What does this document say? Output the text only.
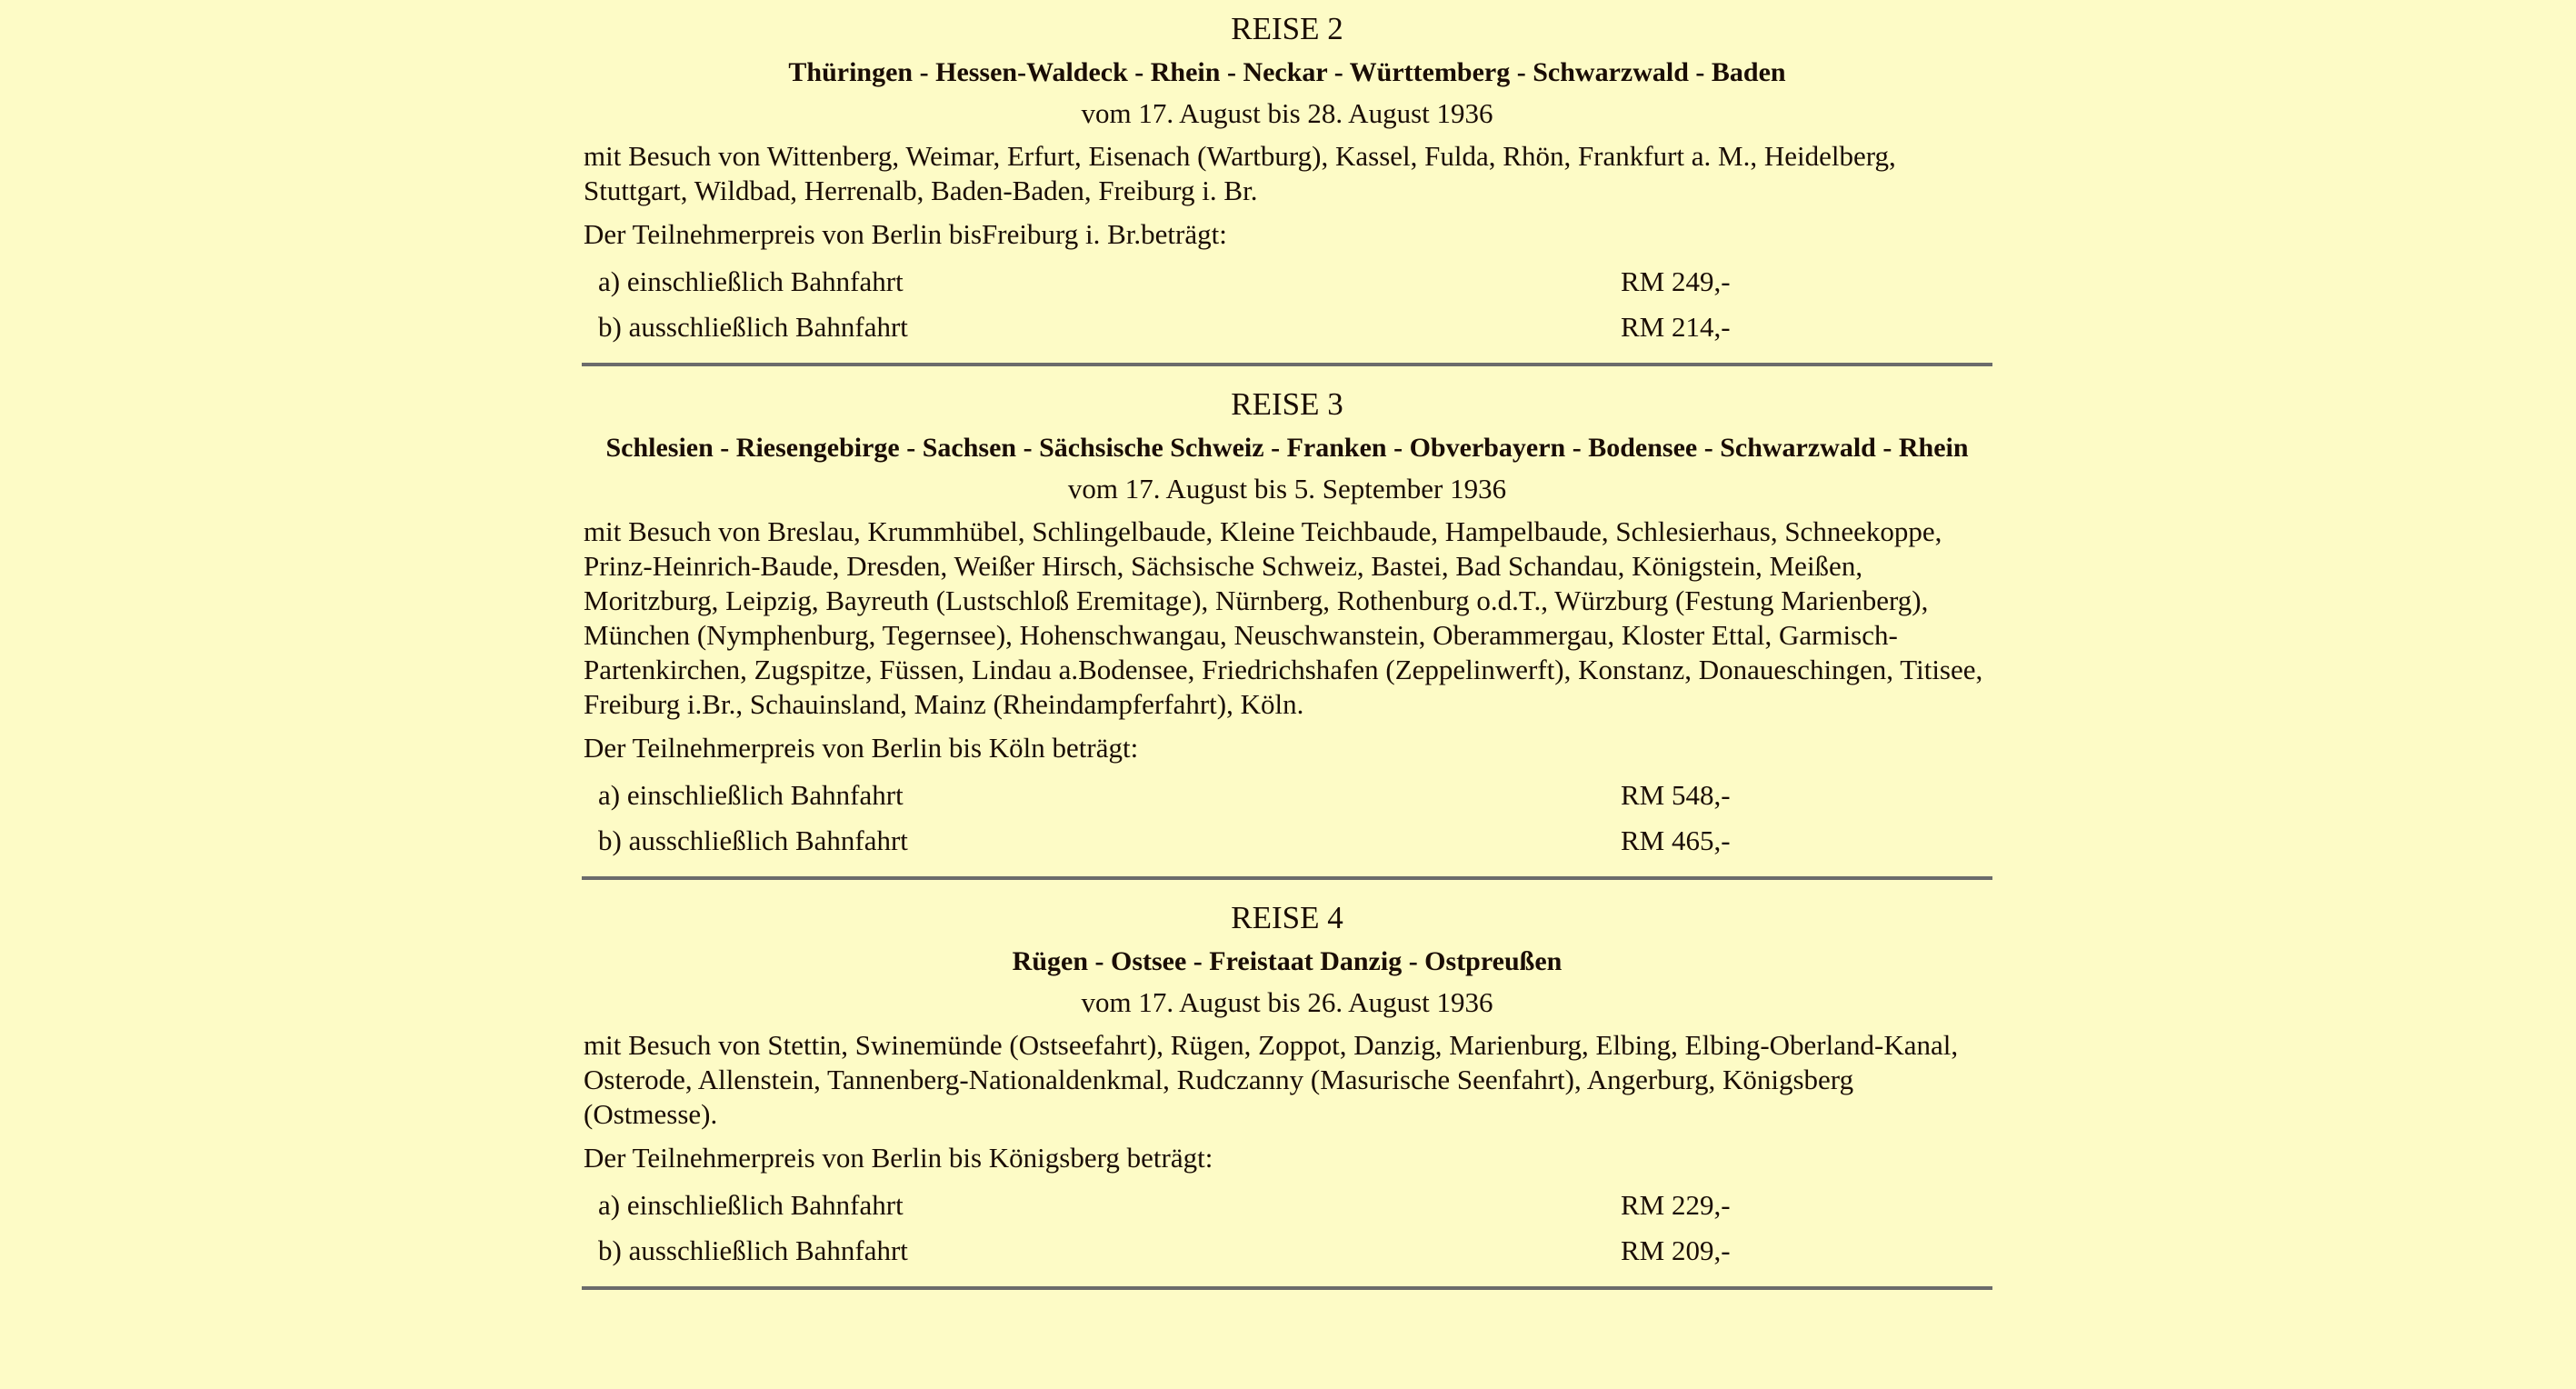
REISE 2
Thüringen - Hessen-Waldeck - Rhein - Neckar - Württemberg - Schwarzwald - Baden
vom 17. August bis 28. August 1936
mit Besuch von Wittenberg, Weimar, Erfurt, Eisenach (Wartburg), Kassel, Fulda, Rhön, Frankfurt a. M., Heidelberg, Stuttgart, Wildbad, Herrenalb, Baden-Baden, Freiburg i. Br.
Der Teilnehmerpreis von Berlin bisFreiburg i. Br.beträgt:
a) einschließlich Bahnfahrt	RM 249,-
b) ausschließlich Bahnfahrt	RM 214,-
REISE 3
Schlesien - Riesengebirge - Sachsen - Sächsische Schweiz - Franken - Obverbayern - Bodensee - Schwarzwald - Rhein
vom 17. August bis 5. September 1936
mit Besuch von Breslau, Krummhübel, Schlingelbaude, Kleine Teichbaude, Hampelbaude, Schlesierhaus, Schneekoppe, Prinz-Heinrich-Baude, Dresden, Weißer Hirsch, Sächsische Schweiz, Bastei, Bad Schandau, Königstein, Meißen, Moritzburg, Leipzig, Bayreuth (Lustschloß Eremitage), Nürnberg, Rothenburg o.d.T., Würzburg (Festung Marienberg), München (Nymphenburg, Tegernsee), Hohenschwangau, Neuschwanstein, Oberammergau, Kloster Ettal, Garmisch-Partenkirchen, Zugspitze, Füssen, Lindau a.Bodensee, Friedrichshafen (Zeppelinwerft), Konstanz, Donaueschingen, Titisee, Freiburg i.Br., Schauinsland, Mainz (Rheindampferfahrt), Köln.
Der Teilnehmerpreis von Berlin bis Köln beträgt:
a) einschließlich Bahnfahrt	RM 548,-
b) ausschließlich Bahnfahrt	RM 465,-
REISE 4
Rügen - Ostsee - Freistaat Danzig - Ostpreußen
vom 17. August bis 26. August 1936
mit Besuch von Stettin, Swinemünde (Ostseefahrt), Rügen, Zoppot, Danzig, Marienburg, Elbing, Elbing-Oberland-Kanal, Osterode, Allenstein, Tannenberg-Nationaldenkmal, Rudczanny (Masurische Seenfahrt), Angerburg, Königsberg (Ostmesse).
Der Teilnehmerpreis von Berlin bis Königsberg beträgt:
a) einschließlich Bahnfahrt	RM 229,-
b) ausschließlich Bahnfahrt	RM 209,-
